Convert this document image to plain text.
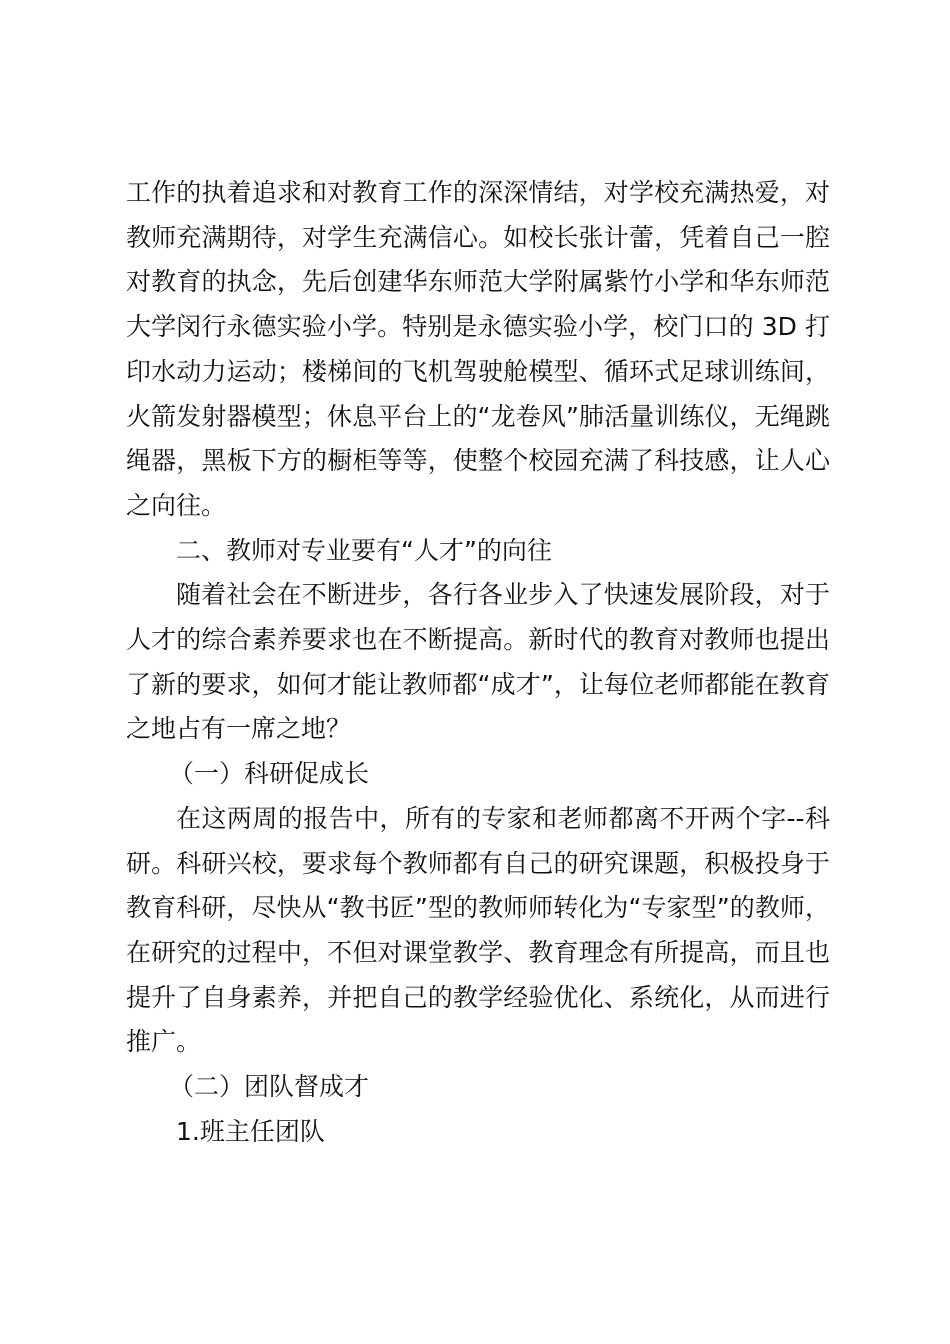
工作的执着追求和对教育工作的深深情结，对学校充满热爱，对教师充满期待，对学生充满信心。如校长张计蕾，凭着自己一腔对教育的执念，先后创建华东师范大学附属紫竹小学和华东师范大学闵行永德实验小学。特别是永德实验小学，校门口的 3D 打印水动力运动；楼梯间的飞机驾驶舱模型、循环式足球训练间，火箭发射器模型；休息平台上的“龙卷风”肺活量训练仪，无绳跳绳器，黑板下方的橱柜等等，使整个校园充满了科技感，让人心之向往。

二、教师对专业要有“人才”的向往

随着社会在不断进步，各行各业步入了快速发展阶段，对于人才的综合素养要求也在不断提高。新时代的教育对教师也提出了新的要求，如何才能让教师都“成才”，让每位老师都能在教育之地占有一席之地？

（一）科研促成长

在这两周的报告中，所有的专家和老师都离不开两个字--科研。科研兴校，要求每个教师都有自己的研究课题，积极投身于教育科研，尽快从“教书匠”型的教师师转化为“专家型”的教师，在研究的过程中，不但对课堂教学、教育理念有所提高，而且也提升了自身素养，并把自己的教学经验优化、系统化，从而进行推广。

（二）团队督成才

1.班主任团队
